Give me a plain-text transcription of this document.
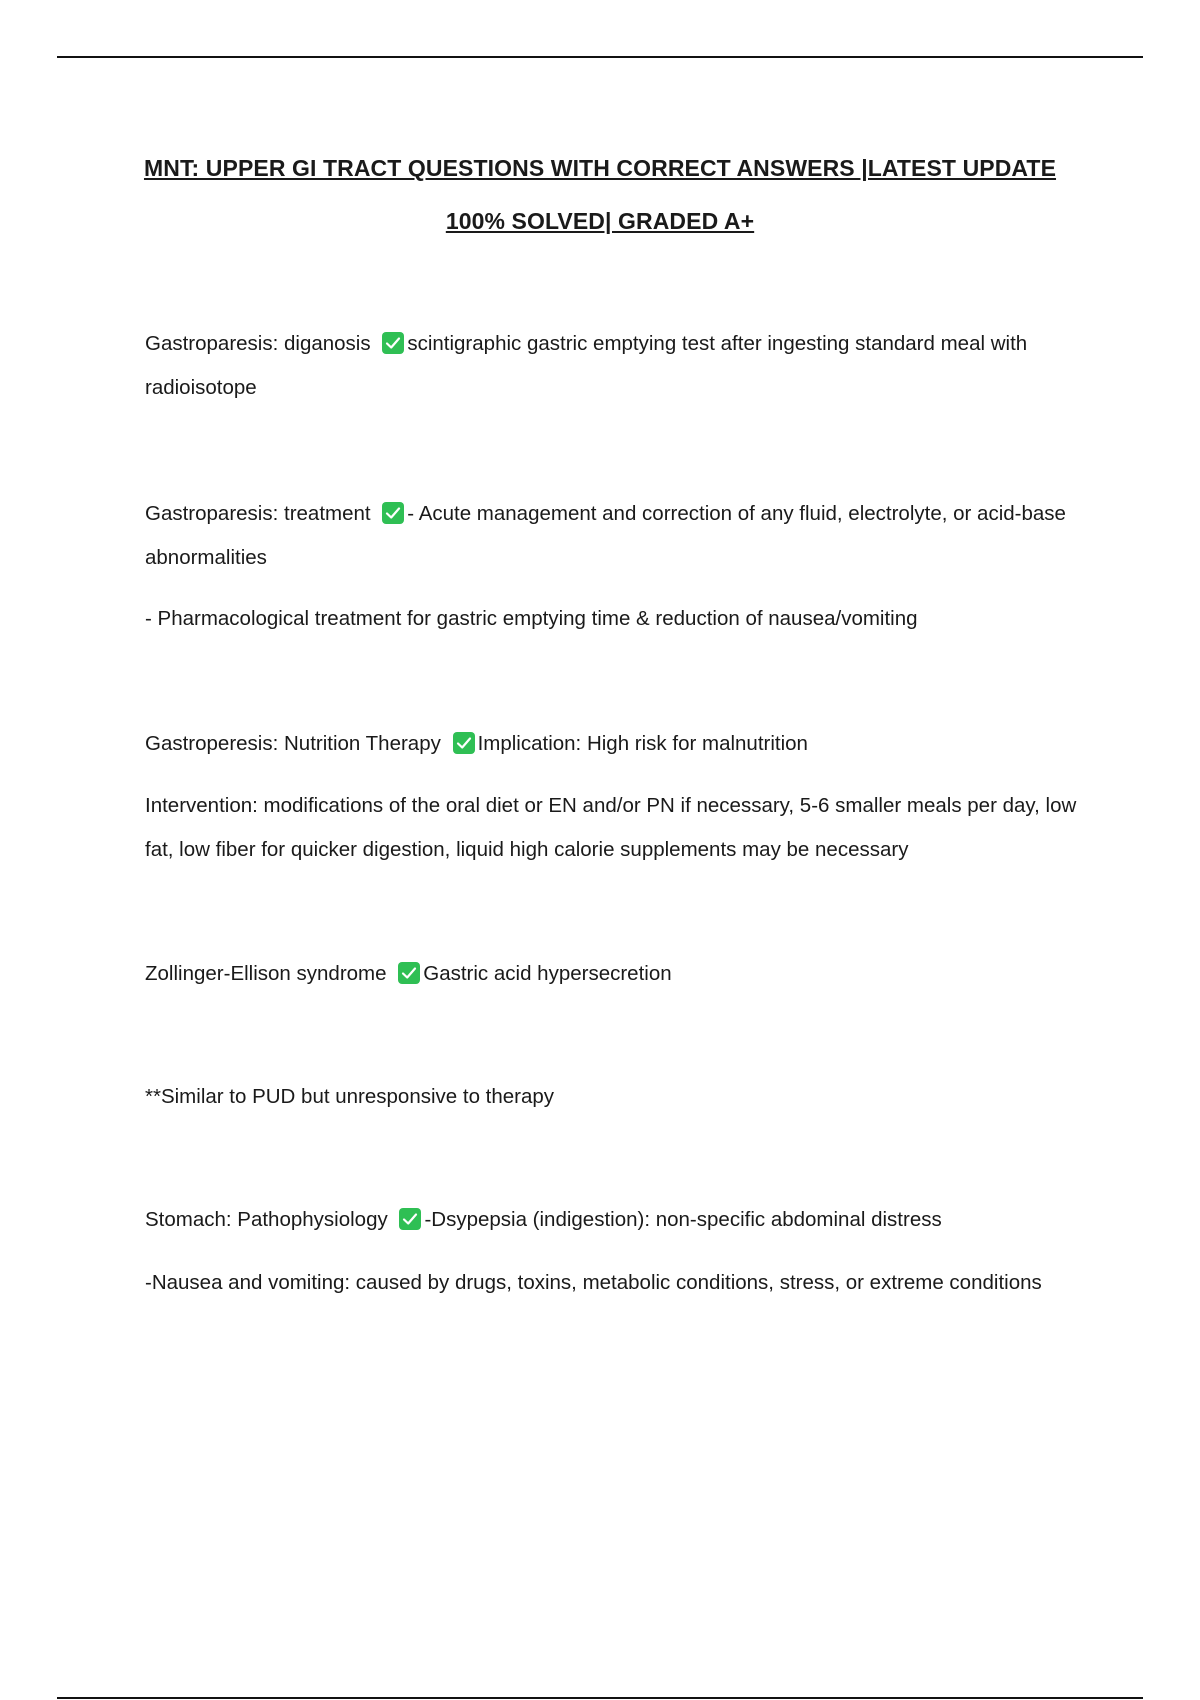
MNT: UPPER GI TRACT QUESTIONS WITH CORRECT ANSWERS |LATEST UPDATE
100% SOLVED| GRADED A+

Gastroparesis: diganosis scintigraphic gastric emptying test after ingesting standard meal with radioisotope

Gastroparesis: treatment - Acute management and correction of any fluid, electrolyte, or acid-base abnormalities

- Pharmacological treatment for gastric emptying time & reduction of nausea/vomiting

Gastroperesis: Nutrition Therapy Implication: High risk for malnutrition

Intervention: modifications of the oral diet or EN and/or PN if necessary, 5-6 smaller meals per day, low fat, low fiber for quicker digestion, liquid high calorie supplements may be necessary

Zollinger-Ellison syndrome Gastric acid hypersecretion

**Similar to PUD but unresponsive to therapy

Stomach: Pathophysiology -Dsypepsia (indigestion): non-specific abdominal distress

-Nausea and vomiting: caused by drugs, toxins, metabolic conditions, stress, or extreme conditions
